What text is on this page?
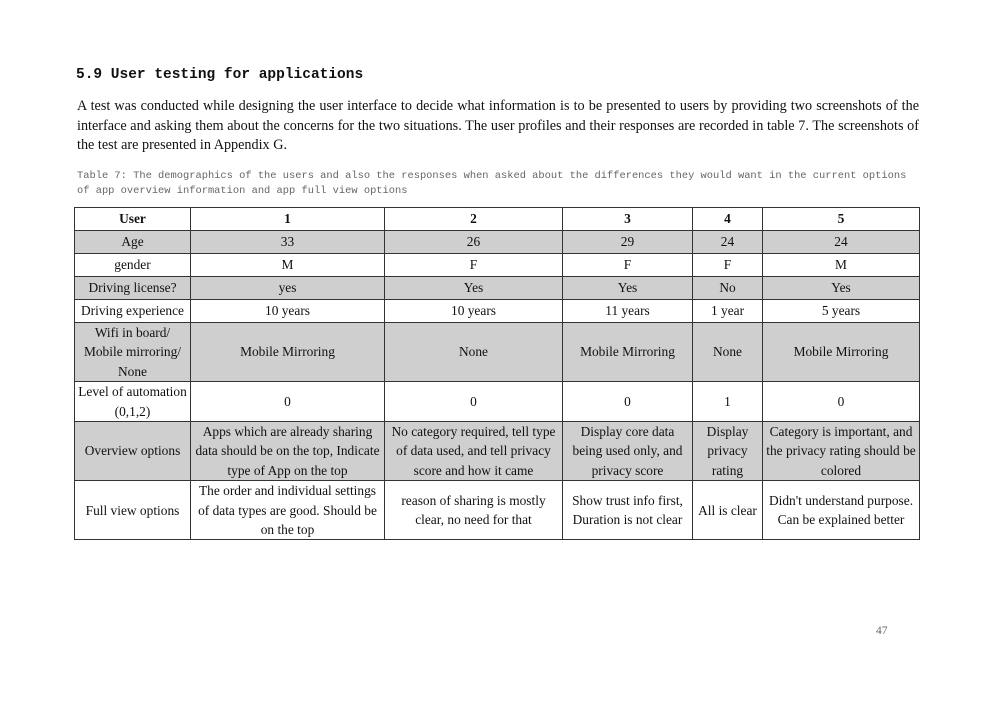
5.9 User testing for applications

A test was conducted while designing the user interface to decide what information is to be presented to users by providing two screenshots of the interface and asking them about the concerns for the two situations. The user profiles and their responses are recorded in table 7. The screenshots of the test are presented in Appendix G.

Table 7: The demographics of the users and also the responses when asked about the differences they would want in the current options of app overview information and app full view options

User	1	2	3	4	5
Age	33	26	29	24	24
gender	M	F	F	F	M
Driving license?	yes	Yes	Yes	No	Yes
Driving experience	10 years	10 years	11 years	1 year	5 years
Wifi in board/ Mobile mirroring/ None	Mobile Mirroring	None	Mobile Mirroring	None	Mobile Mirroring
Level of automation (0,1,2)	0	0	0	1	0
Overview options	Apps which are already sharing data should be on the top, Indicate type of App on the top	No category required, tell type of data used, and tell privacy score and how it came	Display core data being used only, and privacy score	Display privacy rating	Category is important, and the privacy rating should be colored
Full view options	The order and individual settings of data types are good. Should be on the top	reason of sharing is mostly clear, no need for that	Show trust info first, Duration is not clear	All is clear	Didn't understand purpose. Can be explained better
47
